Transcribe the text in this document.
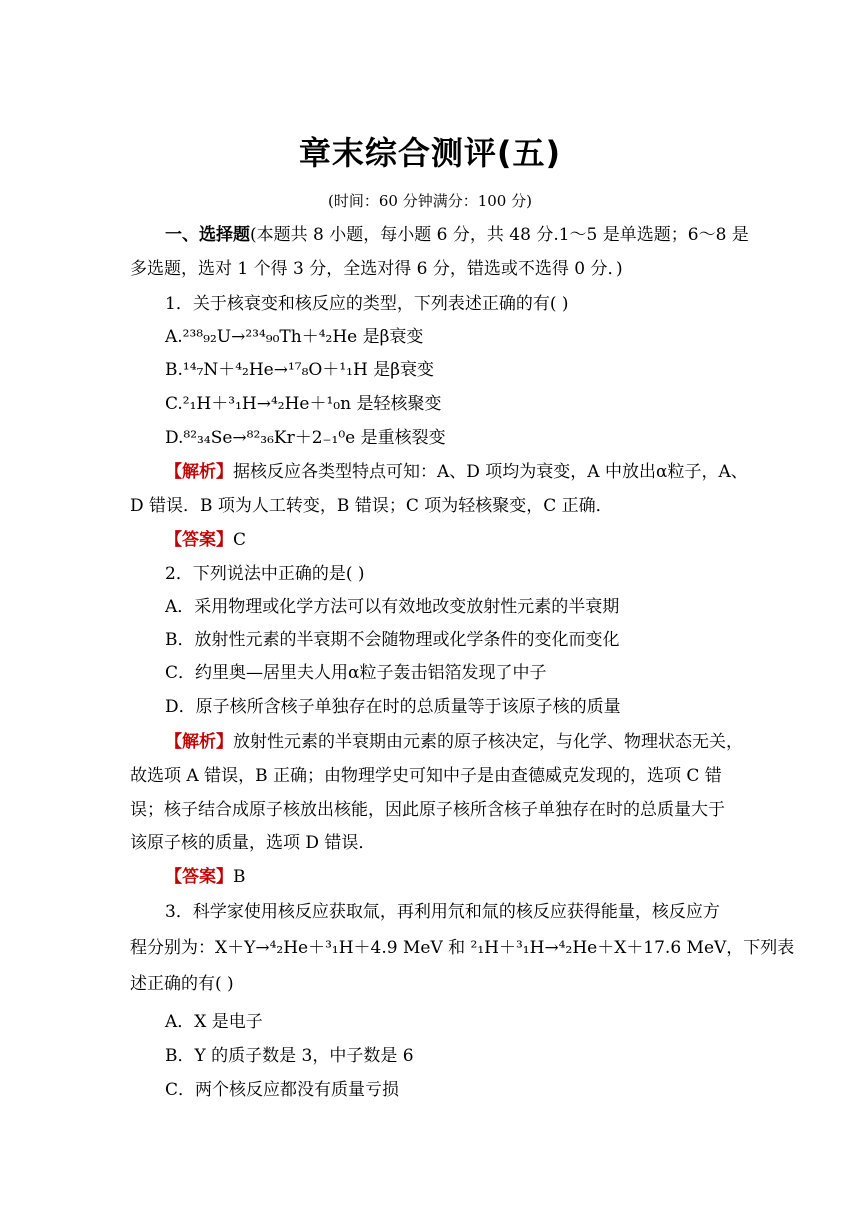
章末综合测评(五)
(时间：60 分钟满分：100 分)
一、选择题(本题共 8 小题，每小题 6 分，共 48 分.1～5 是单选题；6～8 是
多选题，选对 1 个得 3 分，全选对得 6 分，错选或不选得 0 分．)
1．关于核衰变和核反应的类型，下列表述正确的有( )
A.²³⁸₉₂U→²³⁴₉₀Th＋⁴₂He 是β衰变
B.¹⁴₇N＋⁴₂He→¹⁷₈O＋¹₁H 是β衰变
C.²₁H＋³₁H→⁴₂He＋¹₀n 是轻核聚变
D.⁸²₃₄Se→⁸²₃₆Kr＋2₋₁⁰e 是重核裂变
【解析】据核反应各类型特点可知：A、D 项均为衰变，A 中放出α粒子，A、
D 错误．B 项为人工转变，B 错误；C 项为轻核聚变，C 正确．
【答案】C
2．下列说法中正确的是( )
A．采用物理或化学方法可以有效地改变放射性元素的半衰期
B．放射性元素的半衰期不会随物理或化学条件的变化而变化
C．约里奥—居里夫人用α粒子轰击铝箔发现了中子
D．原子核所含核子单独存在时的总质量等于该原子核的质量
【解析】放射性元素的半衰期由元素的原子核决定，与化学、物理状态无关，
故选项 A 错误，B 正确；由物理学史可知中子是由查德威克发现的，选项 C 错
误；核子结合成原子核放出核能，因此原子核所含核子单独存在时的总质量大于
该原子核的质量，选项 D 错误．
【答案】B
3．科学家使用核反应获取氚，再利用氘和氚的核反应获得能量，核反应方
程分别为：X＋Y→⁴₂He＋³₁H＋4.9 MeV 和 ²₁H＋³₁H→⁴₂He＋X＋17.6 MeV，下列表
述正确的有( )
A．X 是电子
B．Y 的质子数是 3，中子数是 6
C．两个核反应都没有质量亏损
